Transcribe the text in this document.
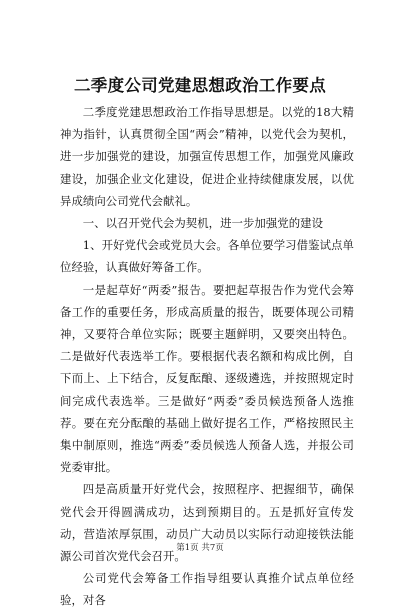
二季度公司党建思想政治工作要点

二季度党建思想政治工作指导思想是。以党的18大精神为指针，认真贯彻全国“两会”精神，以党代会为契机，进一步加强党的建设，加强宣传思想工作，加强党风廉政建设，加强企业文化建设，促进企业持续健康发展，以优异成绩向公司党代会献礼。

一、以召开党代会为契机，进一步加强党的建设

1、开好党代会或党员大会。各单位要学习借鉴试点单位经验，认真做好筹备工作。

一是起草好“两委”报告。要把起草报告作为党代会筹备工作的重要任务，形成高质量的报告，既要体现公司精神，又要符合单位实际；既要主题鲜明，又要突出特色。二是做好代表选举工作。要根据代表名额和构成比例，自下而上、上下结合，反复酝酿、逐级遴选，并按照规定时间完成代表选举。三是做好“两委”委员候选预备人选推荐。要在充分酝酿的基础上做好提名工作，严格按照民主集中制原则，推选“两委”委员候选人预备人选，并报公司党委审批。

四是高质量开好党代会，按照程序、把握细节，确保党代会开得圆满成功，达到预期目的。五是抓好宣传发动，营造浓厚氛围，动员广大动员以实际行动迎接铁法能源公司首次党代会召开。

公司党代会筹备工作指导组要认真推介试点单位经验，对各

第1页 共7页
